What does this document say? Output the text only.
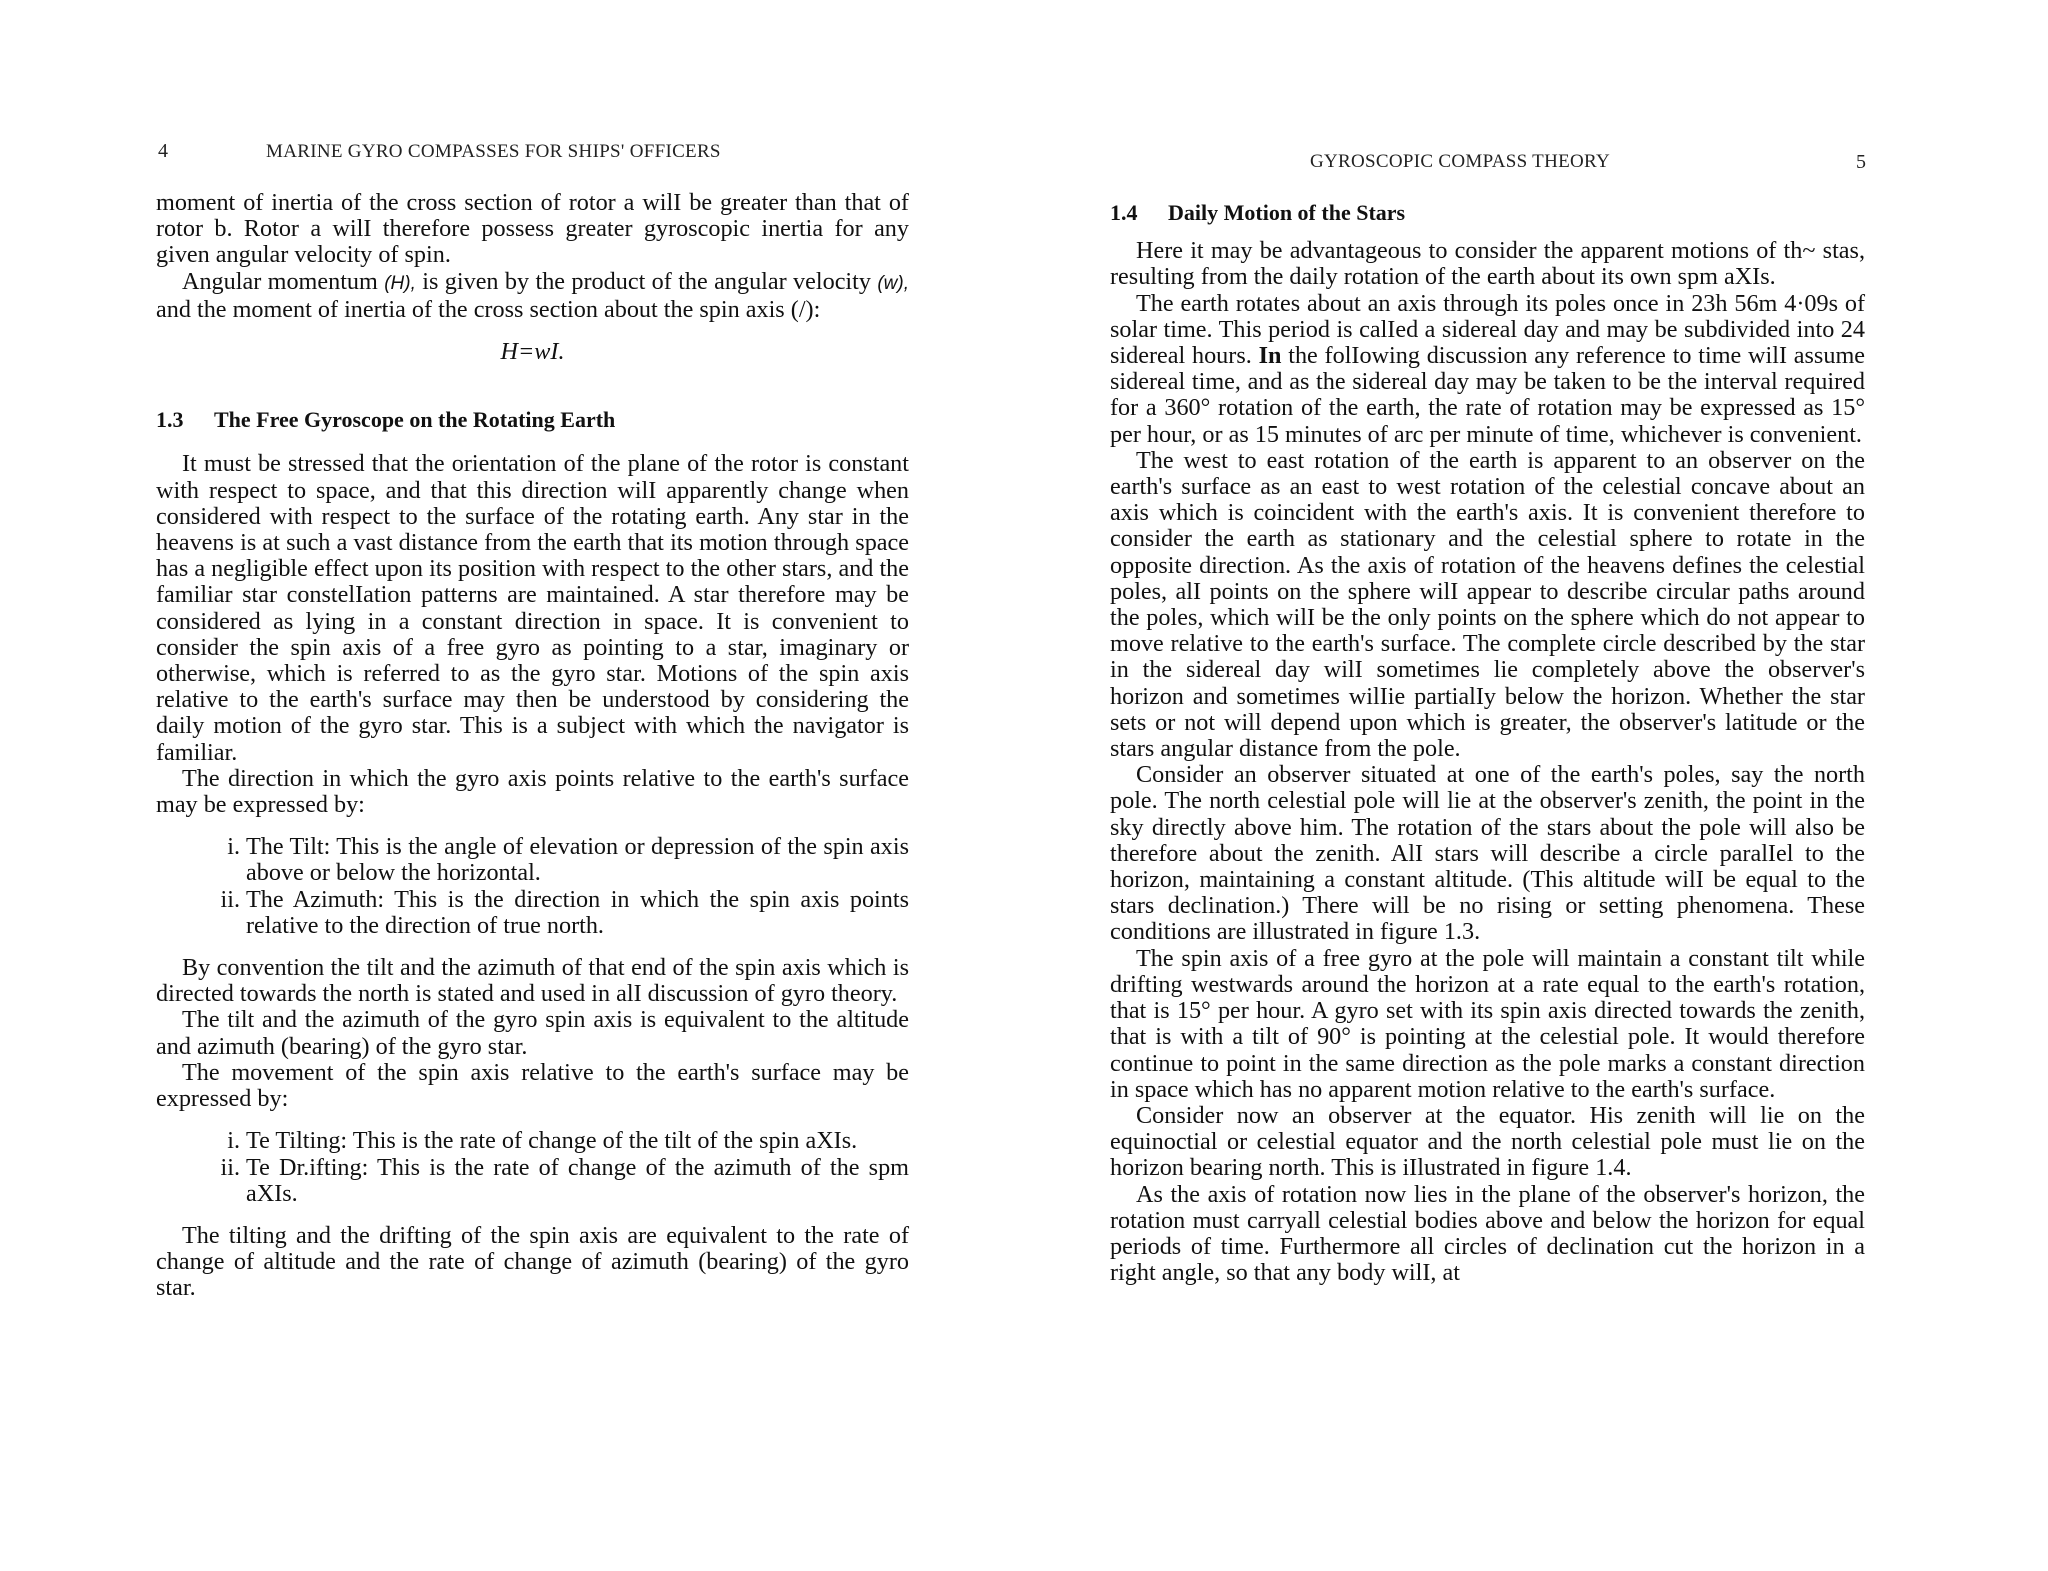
4	MARINE GYRO COMPASSES FOR SHIPS' OFFICERS

moment of inertia of the cross section of rotor a wilI be greater than that of rotor b. Rotor a wilI therefore possess greater gyroscopic inertia for any given angular velocity of spin.

Angular momentum (H), is given by the product of the angular velocity (w), and the moment of inertia of the cross section about the spin axis (/):

H=wI.

1.3 The Free Gyroscope on the Rotating Earth

It must be stressed that the orientation of the plane of the rotor is constant with respect to space, and that this direction wilI apparently change when considered with respect to the surface of the rotating earth. Any star in the heavens is at such a vast distance from the earth that its motion through space has a negligible effect upon its position with respect to the other stars, and the familiar star constelIation patterns are maintained. A star therefore may be considered as lying in a constant direction in space. It is convenient to consider the spin axis of a free gyro as pointing to a star, imaginary or otherwise, which is referred to as the gyro star. Motions of the spin axis relative to the earth's surface may then be understood by considering the daily motion of the gyro star. This is a subject with which the navigator is familiar.

The direction in which the gyro axis points relative to the earth's surface may be expressed by:

i. The Tilt: This is the angle of elevation or depression of the spin axis above or below the horizontal.
ii. The Azimuth: This is the direction in which the spin axis points relative to the direction of true north.

By convention the tilt and the azimuth of that end of the spin axis which is directed towards the north is stated and used in alI discussion of gyro theory.

The tilt and the azimuth of the gyro spin axis is equivalent to the altitude and azimuth (bearing) of the gyro star.

The movement of the spin axis relative to the earth's surface may be expressed by:

i. Te Tilting: This is the rate of change of the tilt of the spin aXIs.
ii. Te Dr.ifting: This is the rate of change of the azimuth of the spm aXIs.

The tilting and the drifting of the spin axis are equivalent to the rate of change of altitude and the rate of change of azimuth (bearing) of the gyro star.

GYROSCOPIC COMPASS THEORY	5

1.4 Daily Motion of the Stars

Here it may be advantageous to consider the apparent motions of th~ stas, resulting from the daily rotation of the earth about its own spm aXIs.

The earth rotates about an axis through its poles once in 23h 56m 4·09s of solar time. This period is calIed a sidereal day and may be subdivided into 24 sidereal hours. In the folIowing discussion any reference to time wilI assume sidereal time, and as the sidereal day may be taken to be the interval required for a 360° rotation of the earth, the rate of rotation may be expressed as 15° per hour, or as 15 minutes of arc per minute of time, whichever is convenient.

The west to east rotation of the earth is apparent to an observer on the earth's surface as an east to west rotation of the celestial concave about an axis which is coincident with the earth's axis. It is convenient therefore to consider the earth as stationary and the celestial sphere to rotate in the opposite direction. As the axis of rotation of the heavens defines the celestial poles, alI points on the sphere wilI appear to describe circular paths around the poles, which wilI be the only points on the sphere which do not appear to move relative to the earth's surface. The complete circle described by the star in the sidereal day wilI sometimes lie completely above the observer's horizon and sometimes wilIie partialIy below the horizon. Whether the star sets or not will depend upon which is greater, the observer's latitude or the stars angular distance from the pole.

Consider an observer situated at one of the earth's poles, say the north pole. The north celestial pole will lie at the observer's zenith, the point in the sky directly above him. The rotation of the stars about the pole will also be therefore about the zenith. AlI stars will describe a circle paralIel to the horizon, maintaining a constant altitude. (This altitude wilI be equal to the stars declination.) There will be no rising or setting phenomena. These conditions are illustrated in figure 1.3.

The spin axis of a free gyro at the pole will maintain a constant tilt while drifting westwards around the horizon at a rate equal to the earth's rotation, that is 15° per hour. A gyro set with its spin axis directed towards the zenith, that is with a tilt of 90° is pointing at the celestial pole. It would therefore continue to point in the same direction as the pole marks a constant direction in space which has no apparent motion relative to the earth's surface.

Consider now an observer at the equator. His zenith will lie on the equinoctial or celestial equator and the north celestial pole must lie on the horizon bearing north. This is iIlustrated in figure 1.4.

As the axis of rotation now lies in the plane of the observer's horizon, the rotation must carryall celestial bodies above and below the horizon for equal periods of time. Furthermore all circles of declination cut the horizon in a right angle, so that any body wilI, at
